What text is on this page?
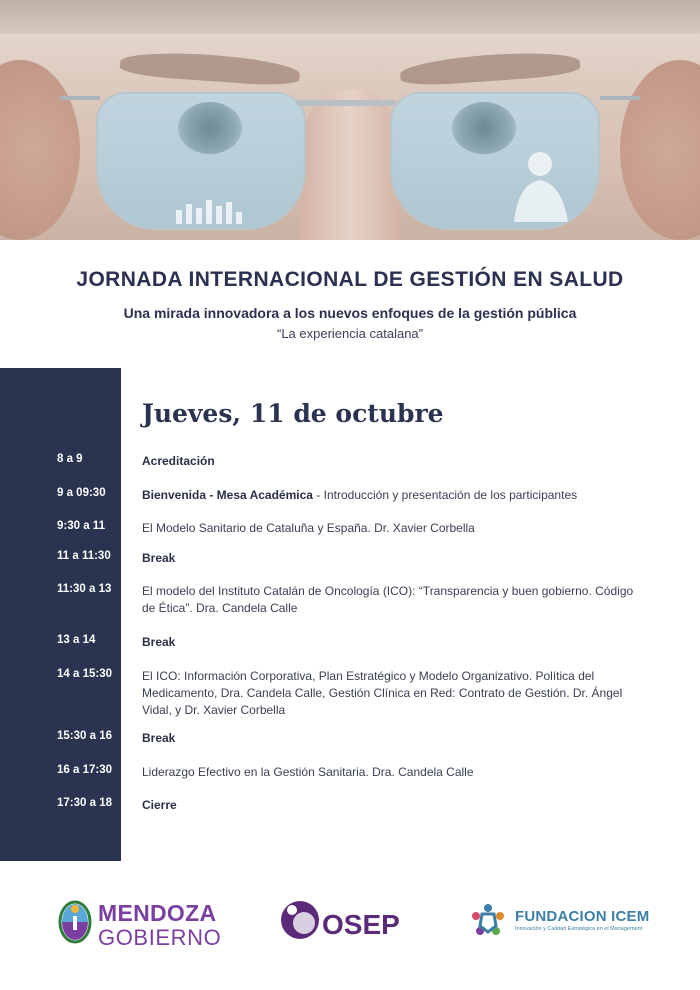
JORNADA INTERNACIONAL DE GESTIÓN EN SALUD
Una mirada innovadora a los nuevos enfoques de la gestión pública
“La experiencia catalana”
Jueves, 11 de octubre
8 a 9	Acreditación
9 a 09:30	Bienvenida - Mesa Académica - Introducción y presentación de los participantes
9:30 a 11	El Modelo Sanitario de Cataluña y España. Dr. Xavier Corbella
11 a 11:30	Break
11:30 a 13	El modelo del Instituto Catalán de Oncología (ICO): “Transparencia y buen gobierno. Código de Ética”. Dra. Candela Calle
13 a 14	Break
14 a 15:30	El ICO: Información Corporativa, Plan Estratégico y Modelo Organizativo. Política del Medicamento, Dra. Candela Calle, Gestión Clínica en Red: Contrato de Gestión. Dr. Ángel Vidal, y Dr. Xavier Corbella
15:30 a 16	Break
16 a 17:30	Liderazgo Efectivo en la Gestión Sanitaria. Dra. Candela Calle
17:30 a 18	Cierre
MENDOZA
GOBIERNO	OSEP	FUNDACION ICEM
Innovación y Calidad Estratégica en el Management
